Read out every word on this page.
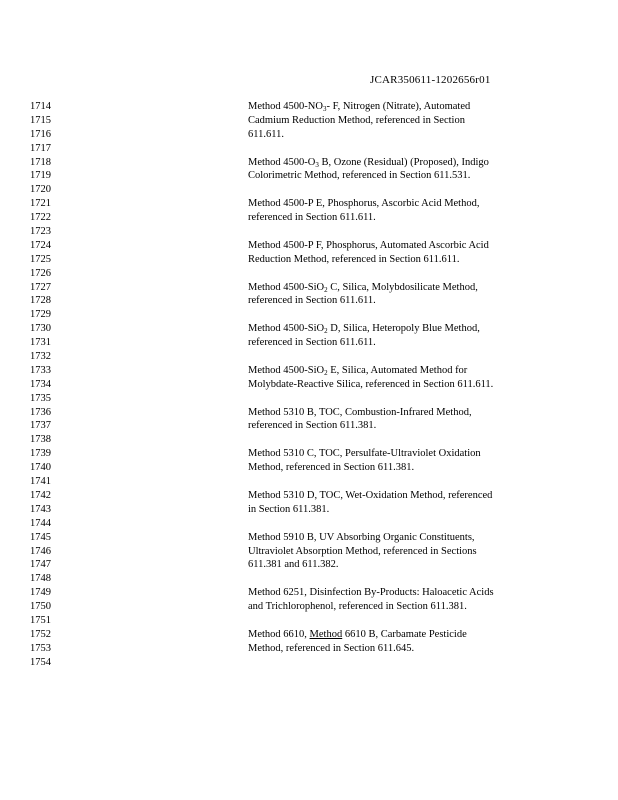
JCAR350611-1202656r01
1714
1715
1716
1717
1718
1719
1720
1721
1722
1723
1724
1725
1726
1727
1728
1729
1730
1731
1732
1733
1734
1735
1736
1737
1738
1739
1740
1741
1742
1743
1744
1745
1746
1747
1748
1749
1750
1751
1752
1753
1754
Method $4500-NO_3-$ F, Nitrogen (Nitrate), Automated
Cadmium Reduction Method, referenced in Section
611.611.
Method $4500-O_3$ B, Ozone (Residual) (Proposed), Indigo
Colorimetric Method, referenced in Section 611.531.
Method 4500-P E, Phosphorus, Ascorbic Acid Method,
referenced in Section 611.611.
Method 4500-P F, Phosphorus, Automated Ascorbic Acid
Reduction Method, referenced in Section 611.611.
Method 4500-SiO$_2$ C, Silica, Molybdosilicate Method,
referenced in Section 611.611.
Method 4500-SiO$_2$ D, Silica, Heteropoly Blue Method,
referenced in Section 611.611.
Method 4500-SiO$_2$ E, Silica, Automated Method for
Molybdate-Reactive Silica, referenced in Section 611.611.
Method 5310 B, TOC, Combustion-Infrared Method,
referenced in Section 611.381.
Method 5310 C, TOC, Persulfate-Ultraviolet Oxidation
Method, referenced in Section 611.381.
Method 5310 D, TOC, Wet-Oxidation Method, referenced
in Section 611.381.
Method 5910 B, UV Absorbing Organic Constituents,
Ultraviolet Absorption Method, referenced in Sections
611.381 and 611.382.
Method 6251, Disinfection By-Products: Haloacetic Acids
and Trichlorophenol, referenced in Section 611.381.
Method 6610, Method 6610 B, Carbamate Pesticide
Method, referenced in Section 611.645.
